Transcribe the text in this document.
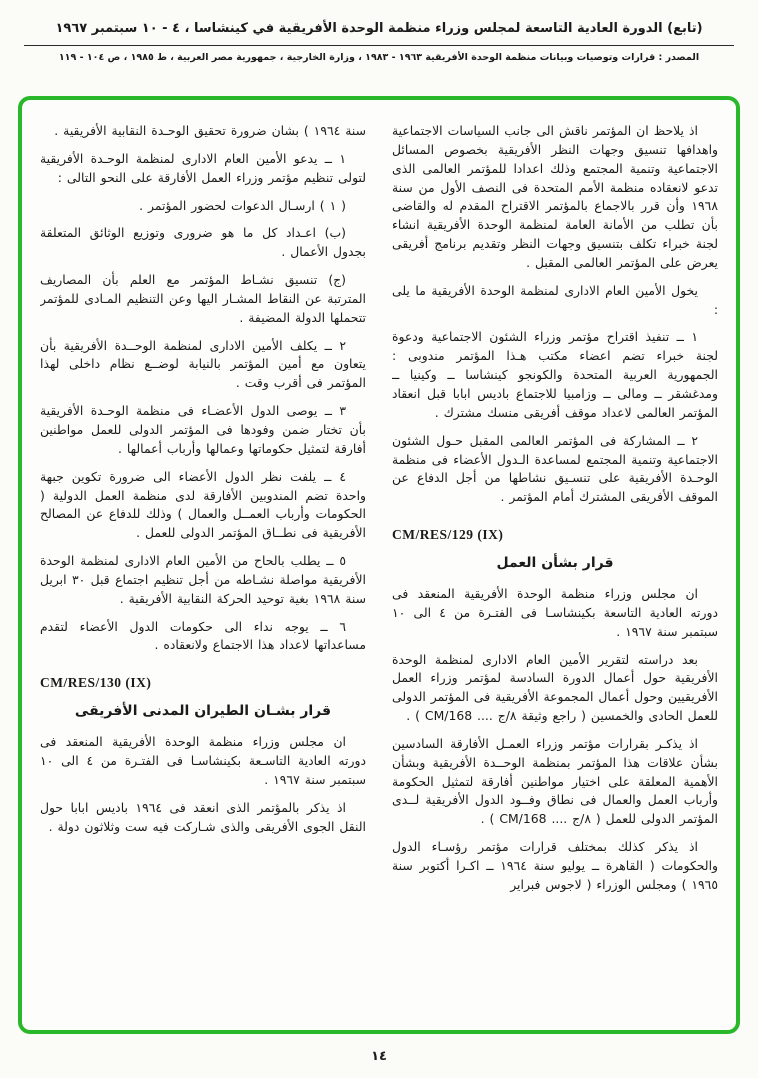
(تابع) الدورة العادية التاسعة لمجلس وزراء منظمة الوحدة الأفريقية في كينشاسا ، ٤ - ١٠ سبتمبر ١٩٦٧
المصدر : قرارات وتوصيات وبيانات منظمة الوحدة الأفريقية ١٩٦٣ - ١٩٨٣ ، وزارة الخارجية ، جمهورية مصر العربية ، ط ١٩٨٥ ، ص ١٠٤ - ١١٩

اذ يلاحظ ان المؤتمر ناقش الى جانب السياسات الاجتماعية واهدافها تنسيق وجهات النظر الأفريقية بخصوص المسائل الاجتماعية وتنمية المجتمع وذلك اعدادا للمؤتمر العالمى الذى تدعو لانعقاده منظمة الأمم المتحدة فى النصف الأول من سنة ١٩٦٨ وأن قرر بالاجماع بالمؤتمر الاقتراح المقدم له والقاضى بأن تطلب من الأمانة العامة لمنظمة الوحدة الأفريقية انشاء لجنة خبراء تكلف بتنسيق وجهات النظر وتقديم برنامج أفريقى يعرض على المؤتمر العالمى المقبل .

يخول الأمين العام الادارى لمنظمة الوحدة الأفريقية ما يلى :

١ ــ تنفيذ اقتراح مؤتمر وزراء الشئون الاجتماعية ودعوة لجنة خبراء تضم اعضاء مكتب هـذا المؤتمر مندوبى : الجمهورية العربية المتحدة والكونجو كينشاسا ــ وكينيا ــ ومدغشقر ــ ومالى ــ وزامبيا للاجتماع باديس ابابا قبل انعقاد المؤتمر العالمى لاعداد موقف أفريقى منسك مشترك .

٢ ــ المشاركة فى المؤتمر العالمى المقبل حـول الشئون الاجتماعية وتنمية المجتمع لمساعدة الـدول الأعضاء فى منظمة الوحـدة الأفريقية على تنسـيق نشاطها من أجل الدفاع عن الموقف الأفريقى المشترك أمام المؤتمر .

CM/RES/129 (IX)

قرار بشأن العمل

ان مجلس وزراء منظمة الوحدة الأفريقية المنعقد فى دورته العادية التاسعة بكينشاسـا فى الفتـرة من ٤ الى ١٠ سبتمبر سنة ١٩٦٧ .

بعد دراسته لتقرير الأمين العام الادارى لمنظمة الوحدة الأفريقية حول أعمال الدورة السادسة لمؤتمر وزراء العمل الأفريقيين وحول أعمال المجموعة الأفريقية فى المؤتمر الدولى للعمل الحادى والخمسين ( راجع وثيقة ٨/ج .... CM/168 ) .

اذ يذكـر بقرارات مؤتمر وزراء العمـل الأفارقة السادسين بشأن علاقات هذا المؤتمر بمنظمة الوحــدة الأفريقية وبشأن الأهمية المعلقة على اختيار مواطنين أفارقة لتمثيل الحكومة وأرباب العمل والعمال فى نطاق وفــود الدول الأفريقية لــدى المؤتمر الدولى للعمل ( ٨/ج .... CM/168 ) .

اذ يذكر كذلك بمختلف قرارات مؤتمر رؤسـاء الدول والحكومات ( القاهرة ــ يوليو سنة ١٩٦٤ ــ اكـرا أكتوبر سنة ١٩٦٥ ) ومجلس الوزراء ( لاجوس فبراير

سنة ١٩٦٤ ) بشان ضرورة تحقيق الوحـدة النقابية الأفريقية .

١ ــ يدعو الأمين العام الادارى لمنظمة الوحـدة الأفريقية لتولى تنظيم مؤتمر وزراء العمل الأفارقة على النحو التالى :

( ١ ) ارسـال الدعوات لحضور المؤتمر .

(ب) اعـداد كل ما هو ضرورى وتوزيع الوثائق المتعلقة بجدول الأعمال .

(ج) تنسيق نشـاط المؤتمر مع العلم بأن المصاريف المترتبة عن النقاط المشـار اليها وعن التنظيم المـادى للمؤتمر تتحملها الدولة المضيفة .

٢ ــ يكلف الأمين الادارى لمنظمة الوحــدة الأفريقية بأن يتعاون مع أمين المؤتمر بالنيابة لوضــع نظام داخلى لهذا المؤتمر فى أقرب وقت .

٣ ــ يوصى الدول الأعضـاء فى منظمة الوحـدة الأفريقية بأن تختار ضمن وفودها فى المؤتمر الدولى للعمل مواطنين أفارقة لتمثيل حكوماتها وعمالها وأرباب أعمالها .

٤ ــ يلفت نظر الدول الأعضاء الى ضرورة تكوين جبهة واحدة تضم المندوبين الأفارقة لدى منظمة العمل الدولية ( الحكومات وأرباب العمــل والعمال ) وذلك للدفاع عن المصالح الأفريقية فى نطــاق المؤتمر الدولى للعمل .

٥ ــ يطلب بالحاح من الأمين العام الادارى لمنظمة الوحدة الأفريقية مواصلة نشـاطه من أجل تنظيم اجتماع قبل ٣٠ ابريل سنة ١٩٦٨ بغية توحيد الحركة النقابية الأفريقية .

٦ ــ يوجه نداء الى حكومات الدول الأعضاء لتقدم مساعداتها لاعداد هذا الاجتماع ولانعقاده .

CM/RES/130 (IX)

قرار بشـان الطيران المدنى الأفريقى

ان مجلس وزراء منظمة الوحدة الأفريقية المنعقد فى دورته العادية التاسـعة بكينشاسـا فى الفتـرة من ٤ الى ١٠ سبتمبر سنة ١٩٦٧ .

اذ يذكر بالمؤتمر الذى انعقد فى ١٩٦٤ باديس ابابا حول النقل الجوى الأفريقى والذى شـاركت فيه ست وثلاثون دولة .

١٤
